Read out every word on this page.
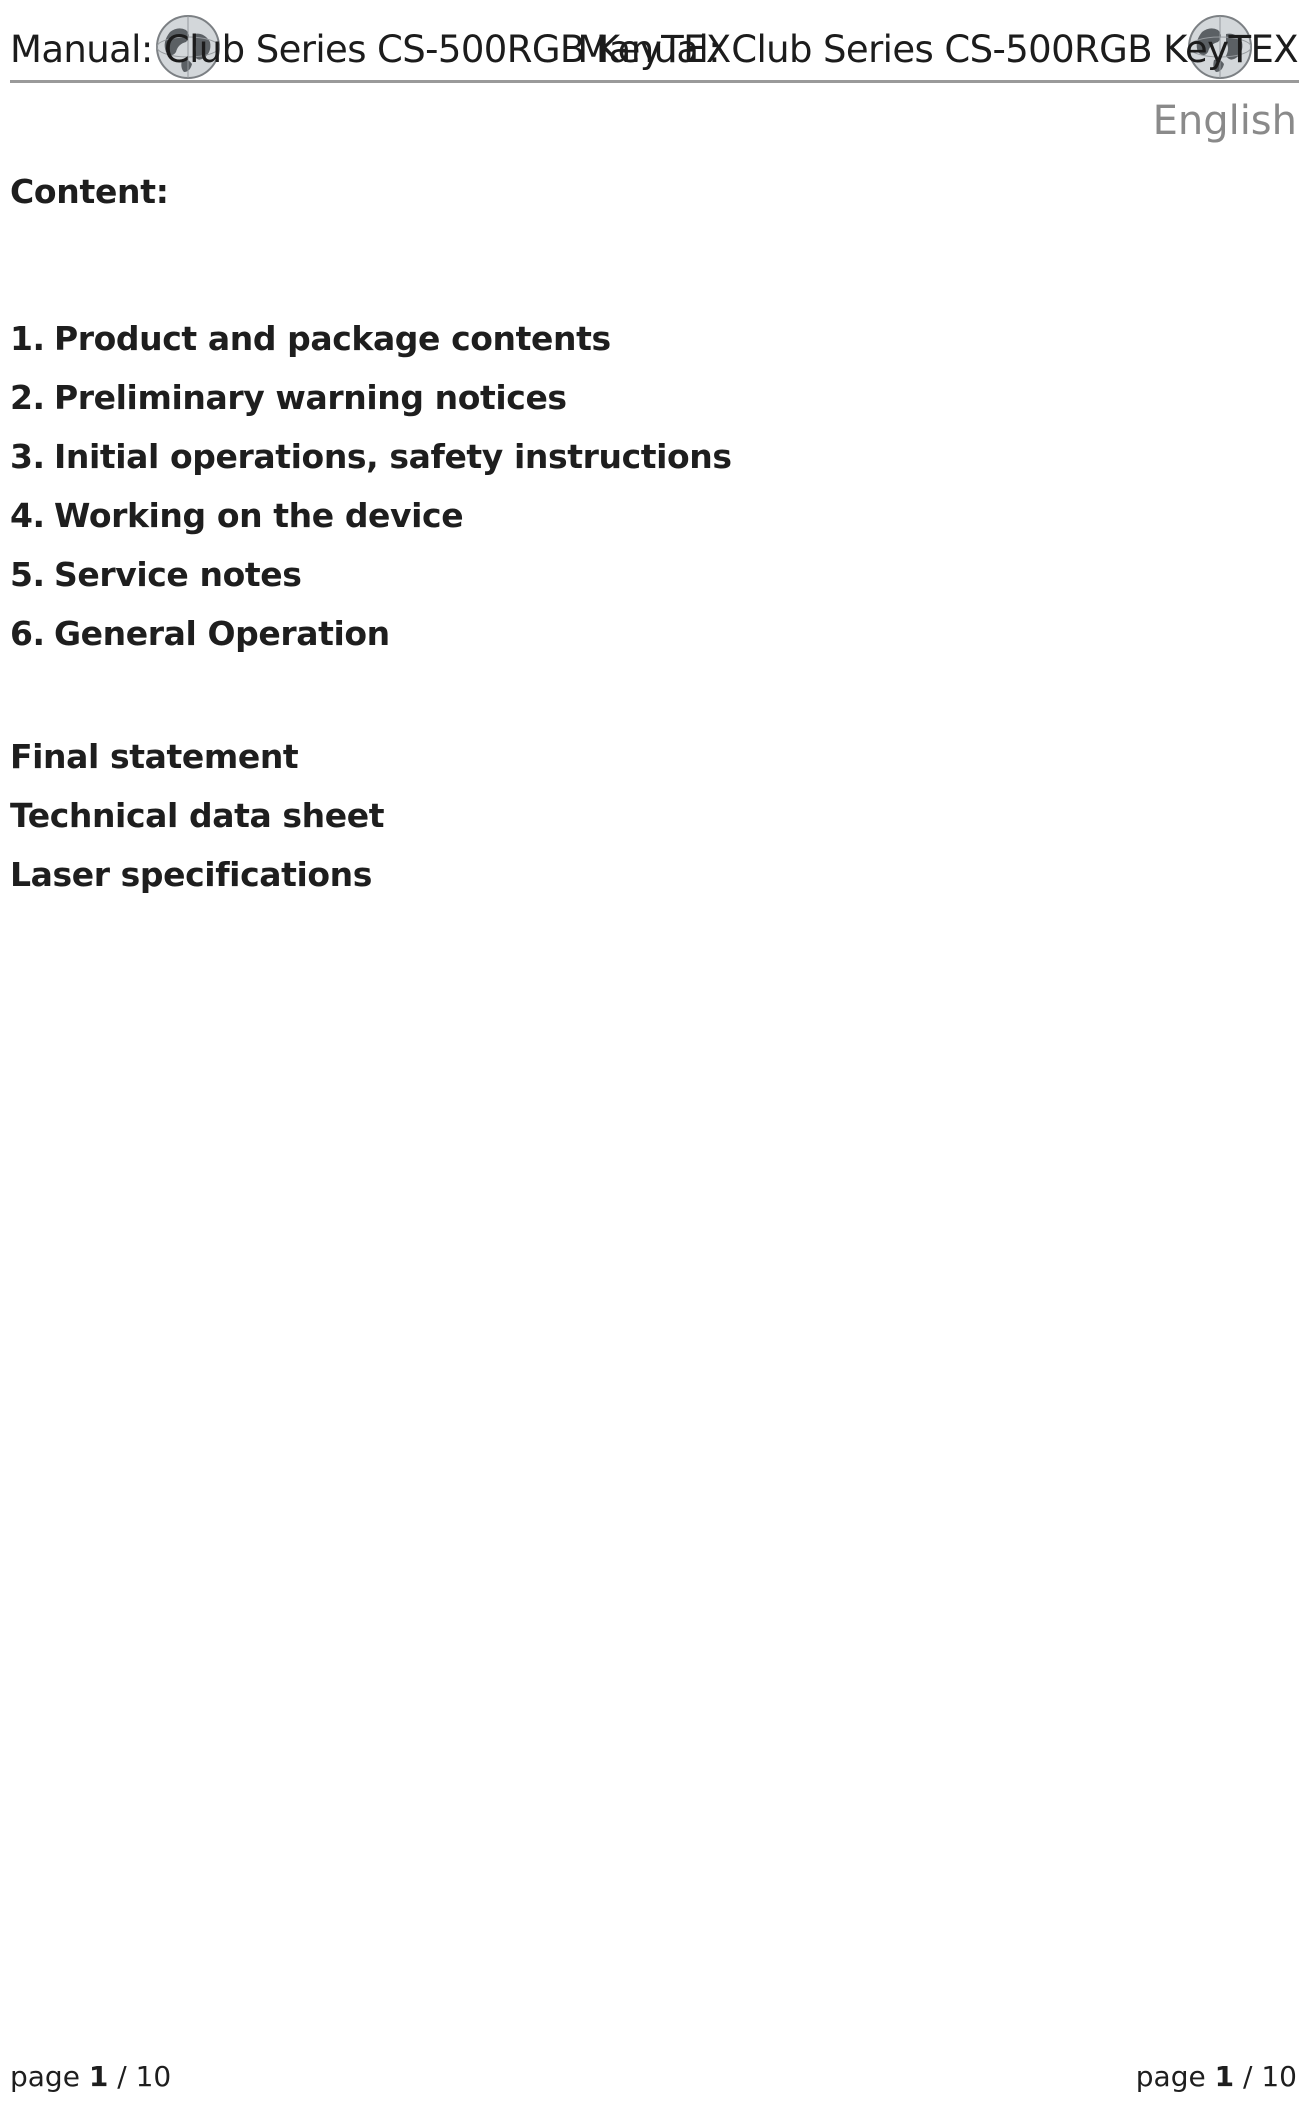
Manual: Club Series CS-500RGB KeyTEX
Manual: Club Series CS-500RGB KeyTEX
English
Content:
1. Product and package contents
2. Preliminary warning notices
3. Initial operations, safety instructions
4. Working on the device
5. Service notes
6. General Operation
Final statement
Technical data sheet
Laser specifications
page 1 / 10	page 1 / 10
